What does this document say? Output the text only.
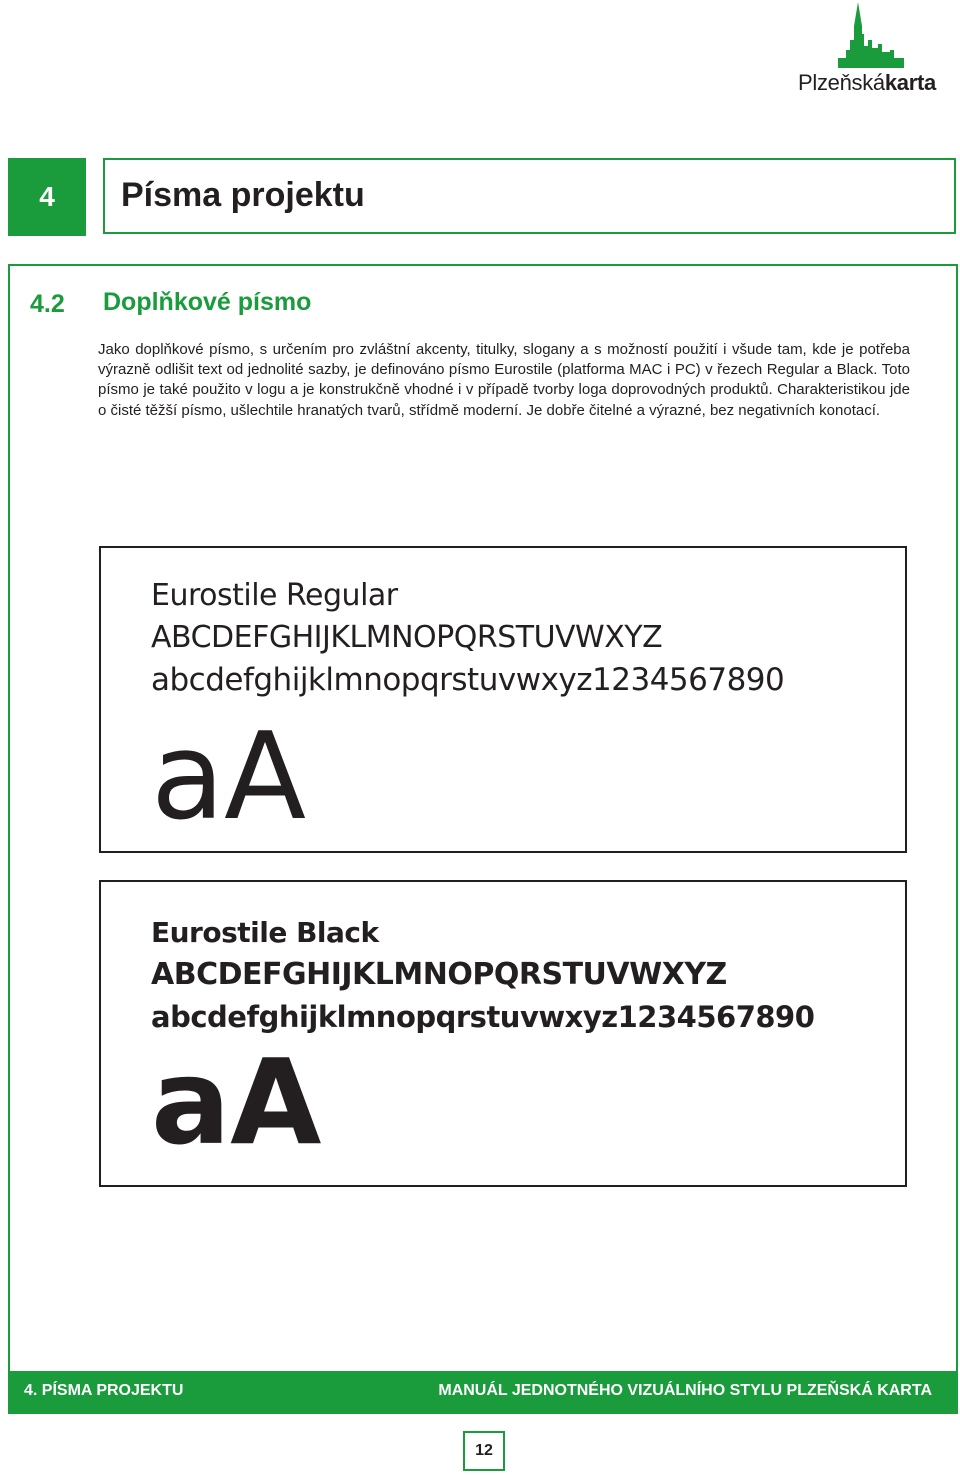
Plzeňskákarta
4	Písma projektu
4.2 Doplňkové písmo
Jako doplňkové písmo, s určením pro zvláštní akcenty, titulky, slogany a s možností použití i všude tam, kde je potřeba výrazně odlišit text od jednolité sazby, je definováno písmo Eurostile (platforma MAC i PC) v řezech Regular a Black. Toto písmo je také použito v logu a je konstrukčně vhodné i v případě tvorby loga doprovodných produktů. Charakteristikou jde o čisté těžší písmo, ušlechtile hranatých tvarů, střídmě moderní. Je dobře čitelné a výrazné, bez negativních konotací.
Eurostile Regular
ABCDEFGHIJKLMNOPQRSTUVWXYZ
abcdefghijklmnopqrstuvwxyz1234567890
aA
Eurostile Black
ABCDEFGHIJKLMNOPQRSTUVWXYZ
abcdefghijklmnopqrstuvwxyz1234567890
aA
4. PÍSMA PROJEKTU	MANUÁL JEDNOTNÉHO VIZUÁLNÍHO STYLU PLZEŇSKÁ KARTA
12
